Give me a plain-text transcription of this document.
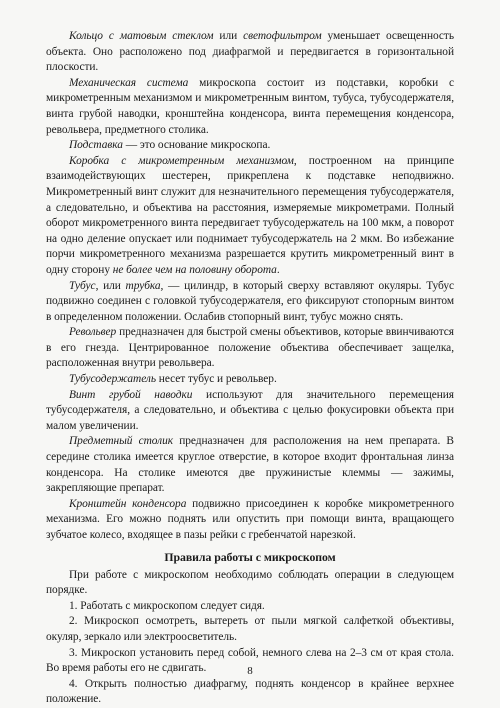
Кольцо с матовым стеклом или светофильтром уменьшает освещенность объекта. Оно расположено под диафрагмой и передвигается в горизонтальной плоскости.

Механическая система микроскопа состоит из подставки, коробки с микрометренным механизмом и микрометренным винтом, тубуса, тубусодержателя, винта грубой наводки, кронштейна конденсора, винта перемещения конденсора, револьвера, предметного столика.

Подставка — это основание микроскопа.

Коробка с микрометренным механизмом, построенном на принципе взаимодействующих шестерен, прикреплена к подставке неподвижно. Микрометренный винт служит для незначительного перемещения тубусодержателя, а следовательно, и объектива на расстояния, измеряемые микрометрами. Полный оборот микрометренного винта передвигает тубусодержатель на 100 мкм, а поворот на одно деление опускает или поднимает тубусодержатель на 2 мкм. Во избежание порчи микрометренного механизма разрешается крутить микрометренный винт в одну сторону не более чем на половину оборота.

Тубус, или трубка, — цилиндр, в который сверху вставляют окуляры. Тубус подвижно соединен с головкой тубусодержателя, его фиксируют стопорным винтом в определенном положении. Ослабив стопорный винт, тубус можно снять.

Револьвер предназначен для быстрой смены объективов, которые ввинчиваются в его гнезда. Центрированное положение объектива обеспечивает защелка, расположенная внутри револьвера.

Тубусодержатель несет тубус и револьвер.

Винт грубой наводки используют для значительного перемещения тубусодержателя, а следовательно, и объектива с целью фокусировки объекта при малом увеличении.

Предметный столик предназначен для расположения на нем препарата. В середине столика имеется круглое отверстие, в которое входит фронтальная линза конденсора. На столике имеются две пружинистые клеммы — зажимы, закрепляющие препарат.

Кронштейн конденсора подвижно присоединен к коробке микрометренного механизма. Его можно поднять или опустить при помощи винта, вращающего зубчатое колесо, входящее в пазы рейки с гребенчатой нарезкой.

Правила работы с микроскопом

При работе с микроскопом необходимо соблюдать операции в следующем порядке.

1. Работать с микроскопом следует сидя.

2. Микроскоп осмотреть, вытереть от пыли мягкой салфеткой объективы, окуляр, зеркало или электроосветитель.

3. Микроскоп установить перед собой, немного слева на 2–3 см от края стола. Во время работы его не сдвигать.

4. Открыть полностью диафрагму, поднять конденсор в крайнее верхнее положение.

8
